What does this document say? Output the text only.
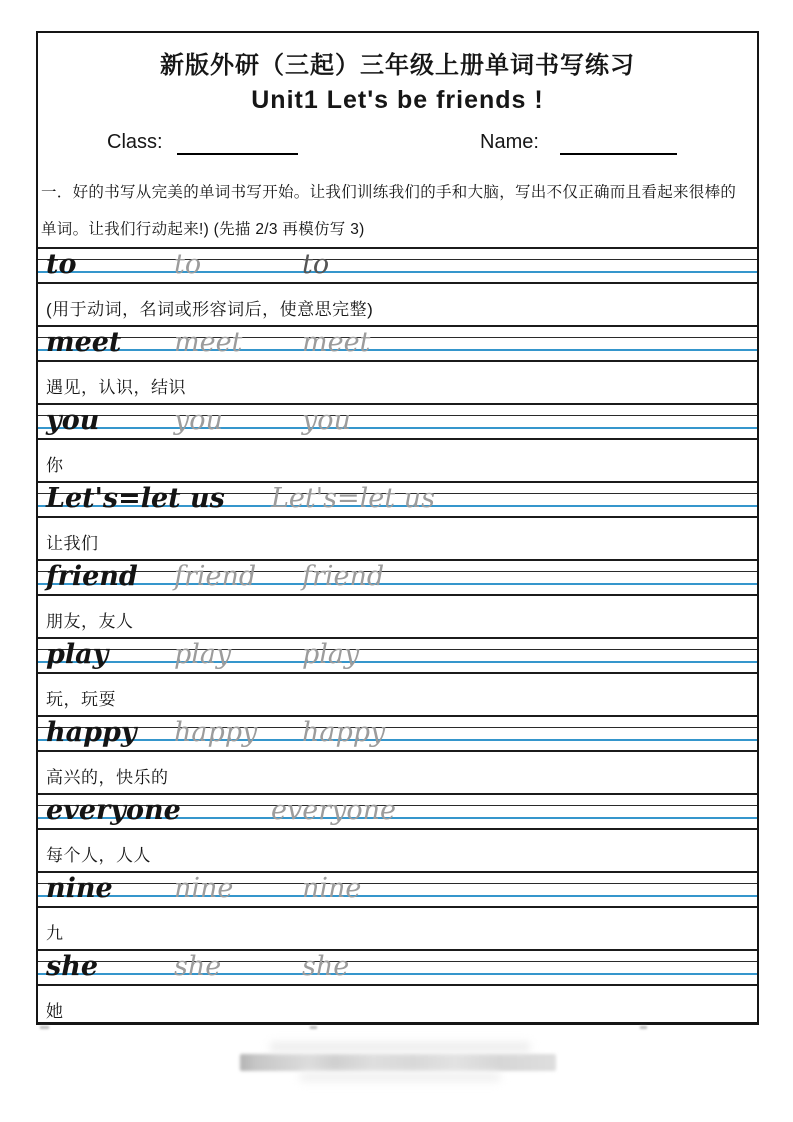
新版外研（三起）三年级上册单词书写练习
Unit1 Let's be friends !
Class:	Name:
一．好的书写从完美的单词书写开始。让我们训练我们的手和大脑，写出不仅正确而且看起来很棒的
单词。让我们行动起来!) (先描 2/3 再模仿写 3)
to	to	to
(用于动词，名词或形容词后，使意思完整)
meet meet meet
遇见，认识，结识
you	you	you
你
Let's=let us Let's=let us
让我们
friend friend friend
朋友，友人
play play	play
玩，玩耍
happy happy happy
高兴的，快乐的
everyone	everyone
每个人，人人
nine nine	nine
九
she	she	she
她
